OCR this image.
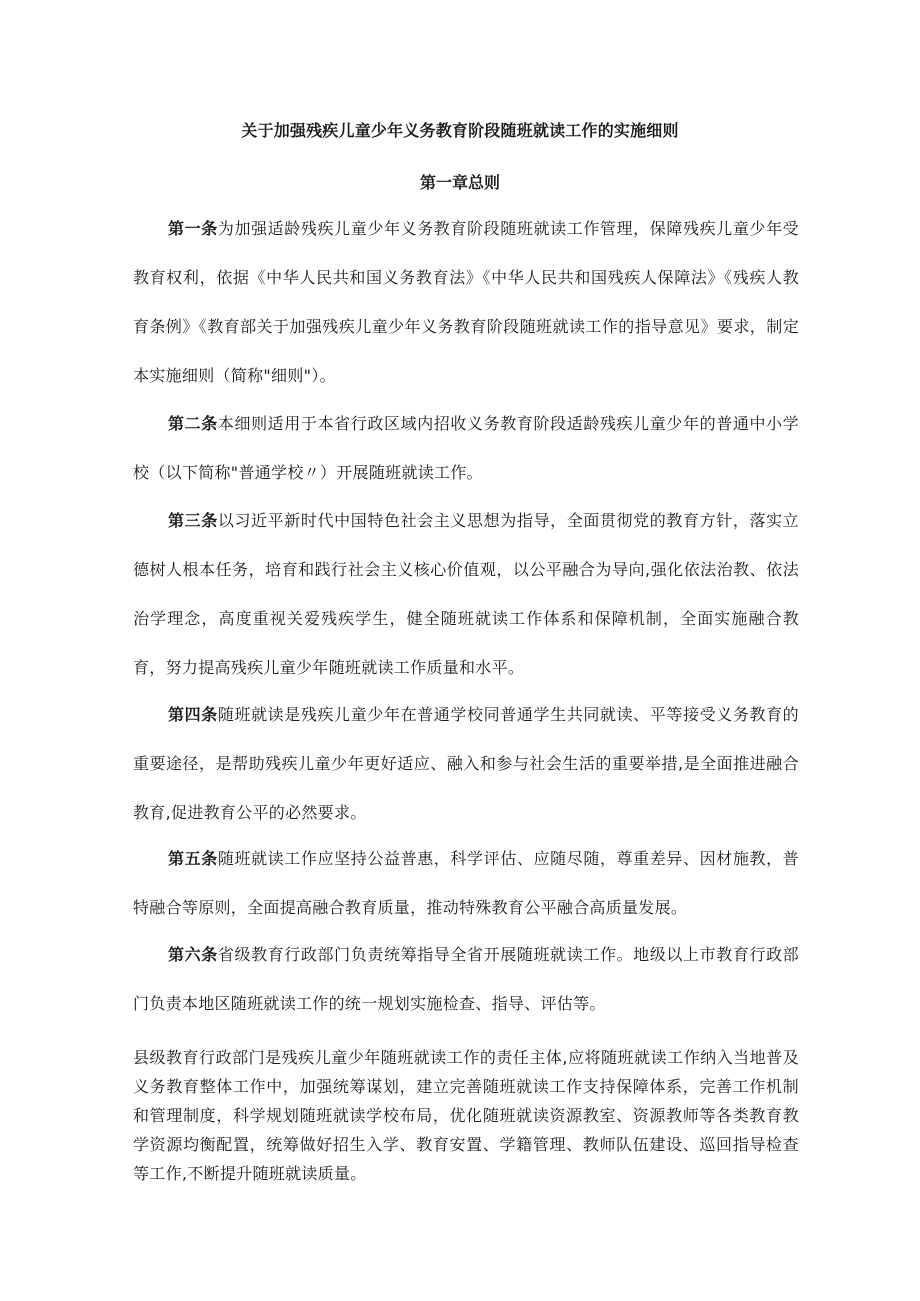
关于加强残疾儿童少年义务教育阶段随班就读工作的实施细则
第一章总则

第一条为加强适龄残疾儿童少年义务教育阶段随班就读工作管理，保障残疾儿童少年受教育权利，依据《中华人民共和国义务教育法》《中华人民共和国残疾人保障法》《残疾人教育条例》《教育部关于加强残疾儿童少年义务教育阶段随班就读工作的指导意见》要求，制定本实施细则（简称"细则"）。

第二条本细则适用于本省行政区域内招收义务教育阶段适龄残疾儿童少年的普通中小学校（以下简称"普通学校〃）开展随班就读工作。

第三条以习近平新时代中国特色社会主义思想为指导，全面贯彻党的教育方针，落实立德树人根本任务，培育和践行社会主义核心价值观，以公平融合为导向,强化依法治教、依法治学理念，高度重视关爱残疾学生，健全随班就读工作体系和保障机制，全面实施融合教育，努力提高残疾儿童少年随班就读工作质量和水平。

第四条随班就读是残疾儿童少年在普通学校同普通学生共同就读、平等接受义务教育的重要途径，是帮助残疾儿童少年更好适应、融入和参与社会生活的重要举措,是全面推进融合教育,促进教育公平的必然要求。

第五条随班就读工作应坚持公益普惠，科学评估、应随尽随，尊重差异、因材施教，普特融合等原则，全面提高融合教育质量，推动特殊教育公平融合高质量发展。

第六条省级教育行政部门负责统筹指导全省开展随班就读工作。地级以上市教育行政部门负责本地区随班就读工作的统一规划实施检查、指导、评估等。

县级教育行政部门是残疾儿童少年随班就读工作的责任主体,应将随班就读工作纳入当地普及义务教育整体工作中，加强统筹谋划，建立完善随班就读工作支持保障体系，完善工作机制和管理制度，科学规划随班就读学校布局，优化随班就读资源教室、资源教师等各类教育教学资源均衡配置，统筹做好招生入学、教育安置、学籍管理、教师队伍建设、巡回指导检查等工作,不断提升随班就读质量。
